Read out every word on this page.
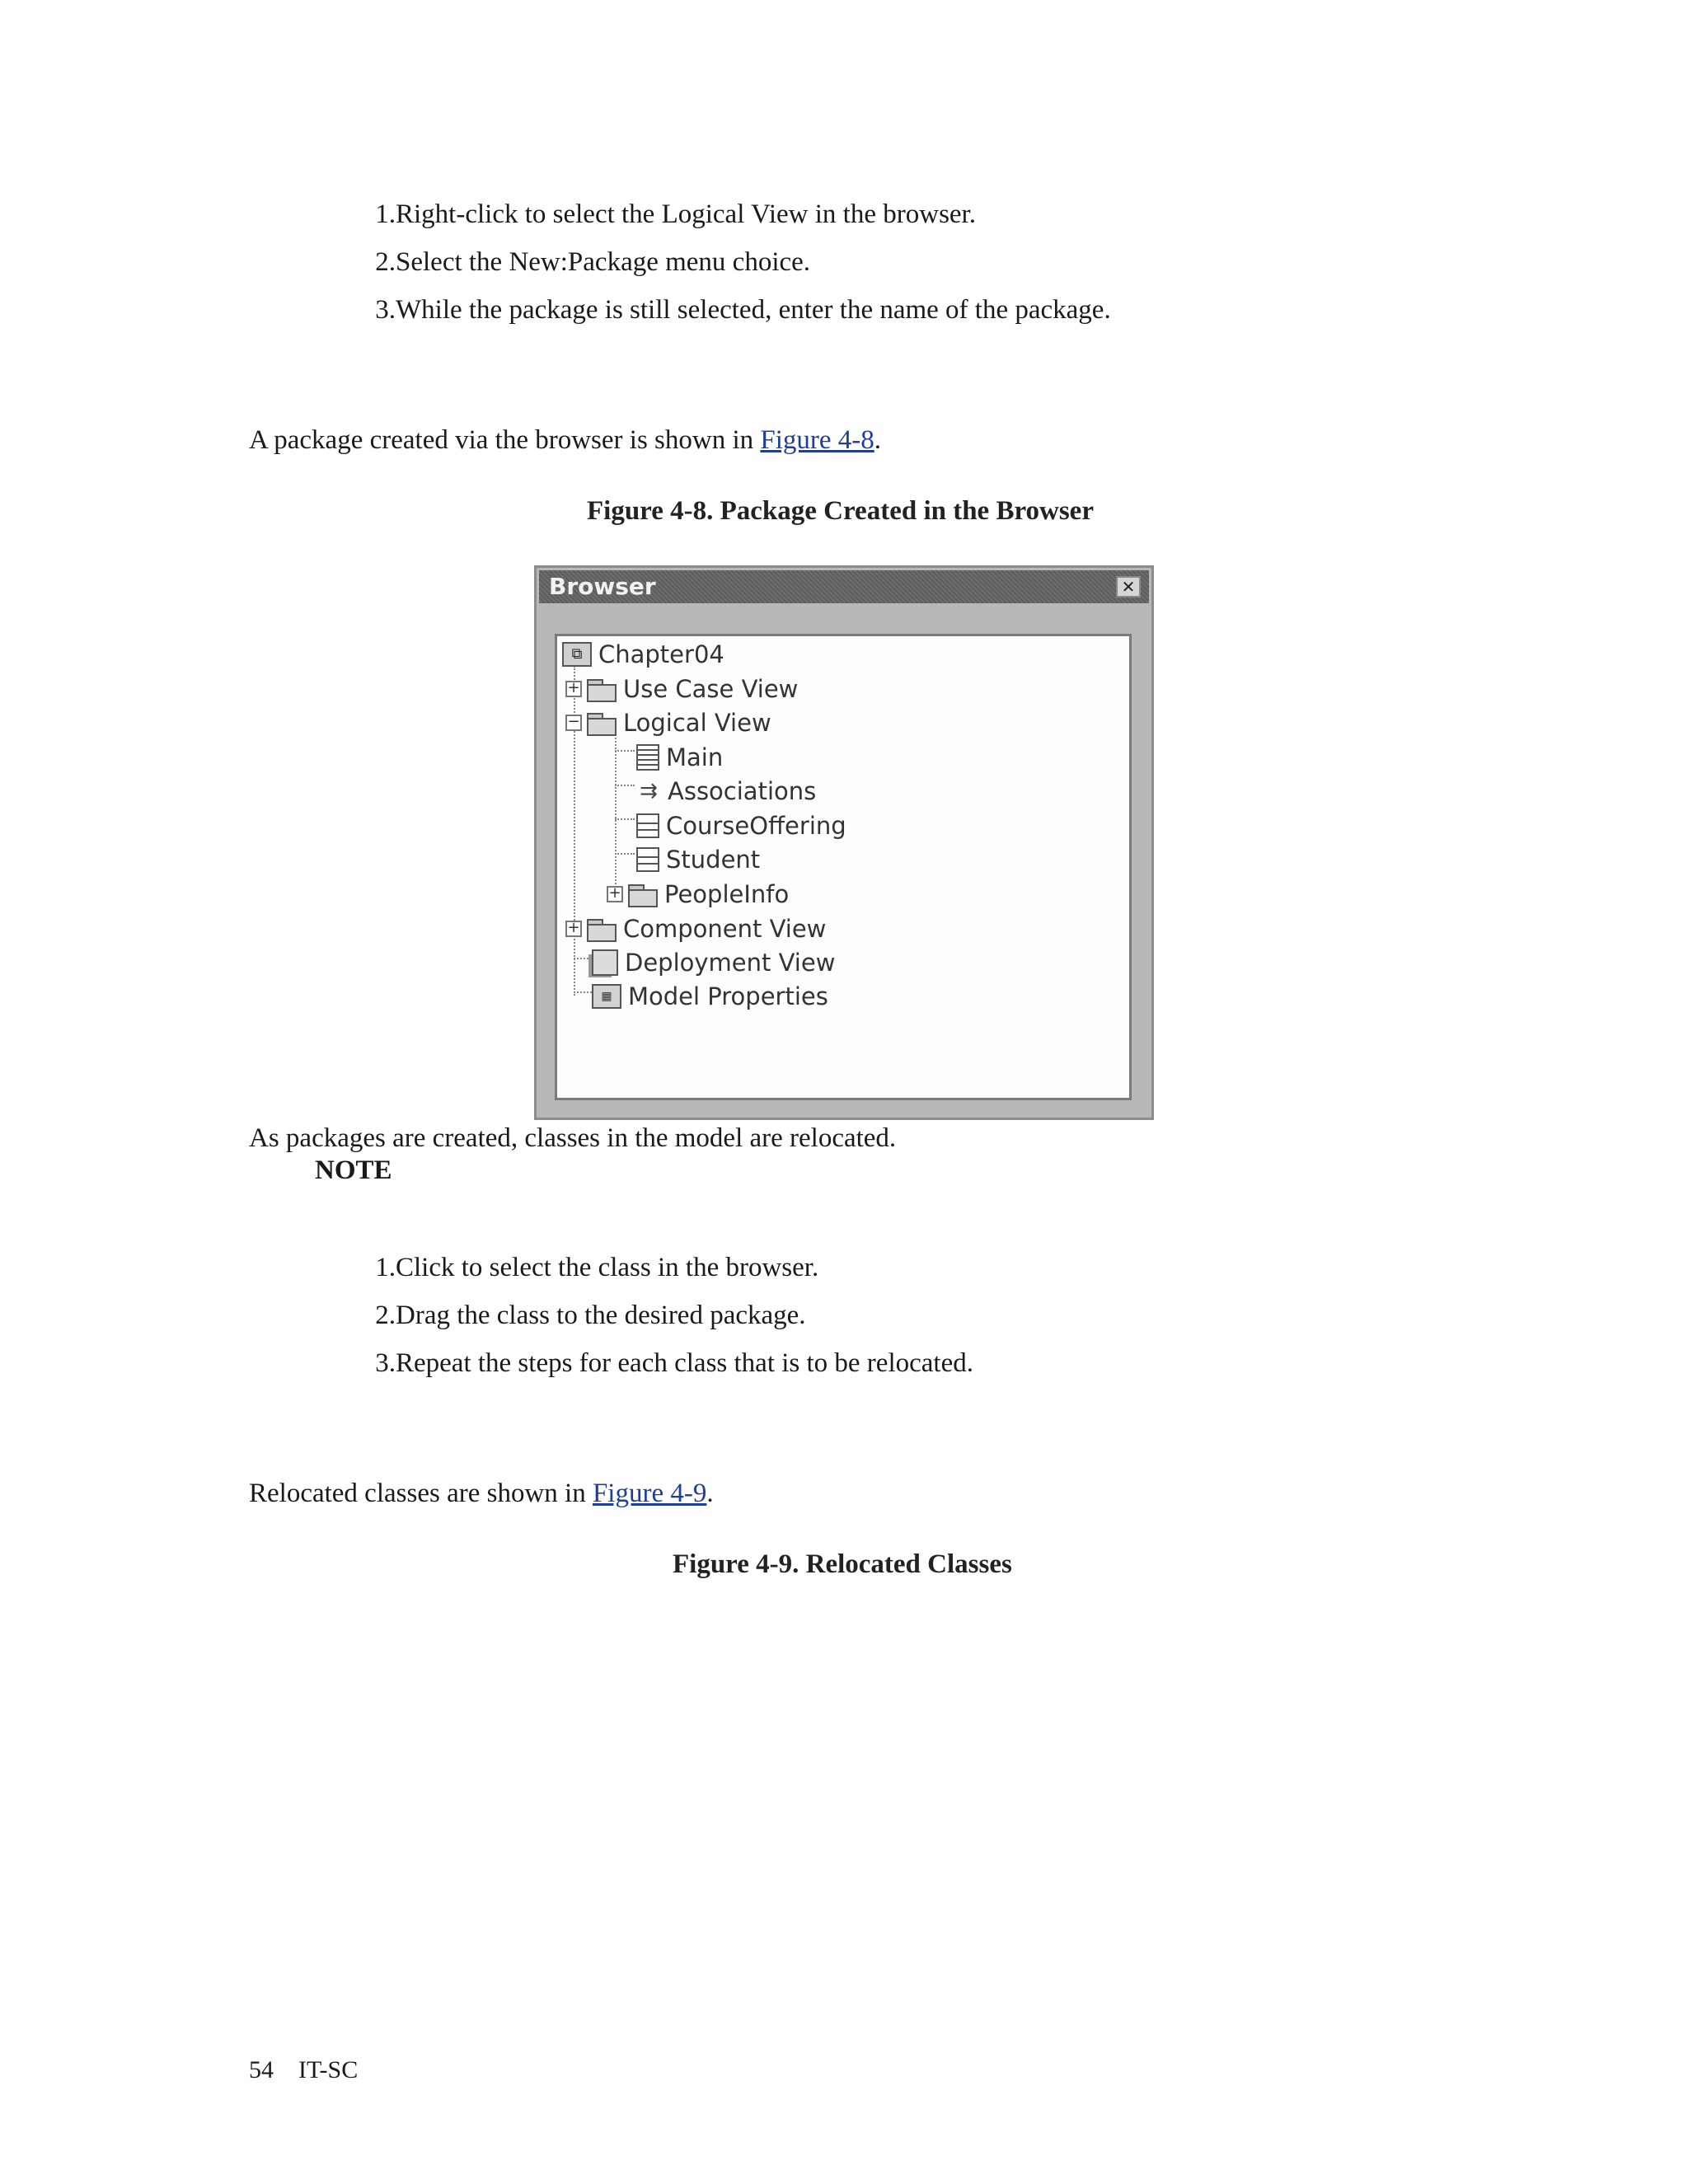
1. Right-click to select the Logical View in the browser.
2. Select the New:Package menu choice.
3. While the package is still selected, enter the name of the package.
A package created via the browser is shown in Figure 4-8.
Figure 4-8. Package Created in the Browser
Browser	✕
⧉ Chapter04
+ Use Case View
− Logical View
Main
⇉ Associations
CourseOffering
Student
+ PeopleInfo
+ Component View
Deployment View
▦ Model Properties
As packages are created, classes in the model are relocated.
NOTE
1. Click to select the class in the browser.
2. Drag the class to the desired package.
3. Repeat the steps for each class that is to be relocated.
Relocated classes are shown in Figure 4-9.
Figure 4-9. Relocated Classes
54 IT-SC
